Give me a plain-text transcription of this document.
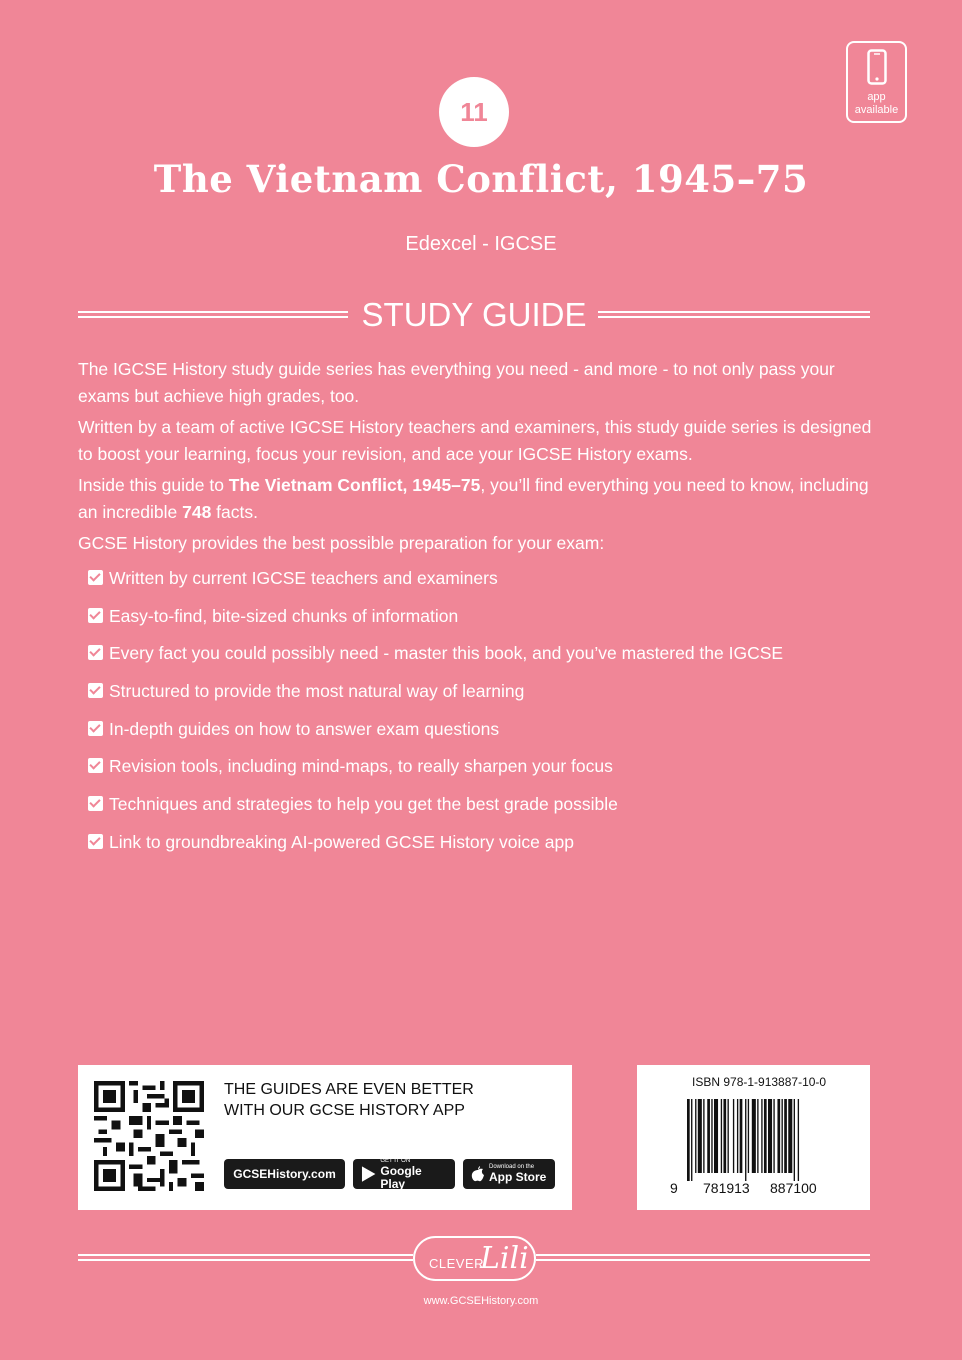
app
available
11
The Vietnam Conflict, 1945–75
Edexcel - IGCSE
STUDY GUIDE

The IGCSE History study guide series has everything you need - and more - to not only pass your exams but achieve high grades, too.

Written by a team of active IGCSE History teachers and examiners, this study guide series is designed to boost your learning, focus your revision, and ace your IGCSE History exams.

Inside this guide to The Vietnam Conflict, 1945–75, you’ll find everything you need to know, including an incredible 748 facts.

GCSE History provides the best possible preparation for your exam:

Written by current IGCSE teachers and examiners
Easy-to-find, bite-sized chunks of information
Every fact you could possibly need - master this book, and you’ve mastered the IGCSE
Structured to provide the most natural way of learning
In-depth guides on how to answer exam questions
Revision tools, including mind-maps, to really sharpen your focus
Techniques and strategies to help you get the best grade possible
Link to groundbreaking AI-powered GCSE History voice app
THE GUIDES ARE EVEN BETTER
WITH OUR GCSE HISTORY APP
GCSEHistory.com
GET IT ON
Google Play
Download on the
App Store
ISBN 978-1-913887-10-0
9 781913 887100
CLEVER
Lili
www.GCSEHistory.com
